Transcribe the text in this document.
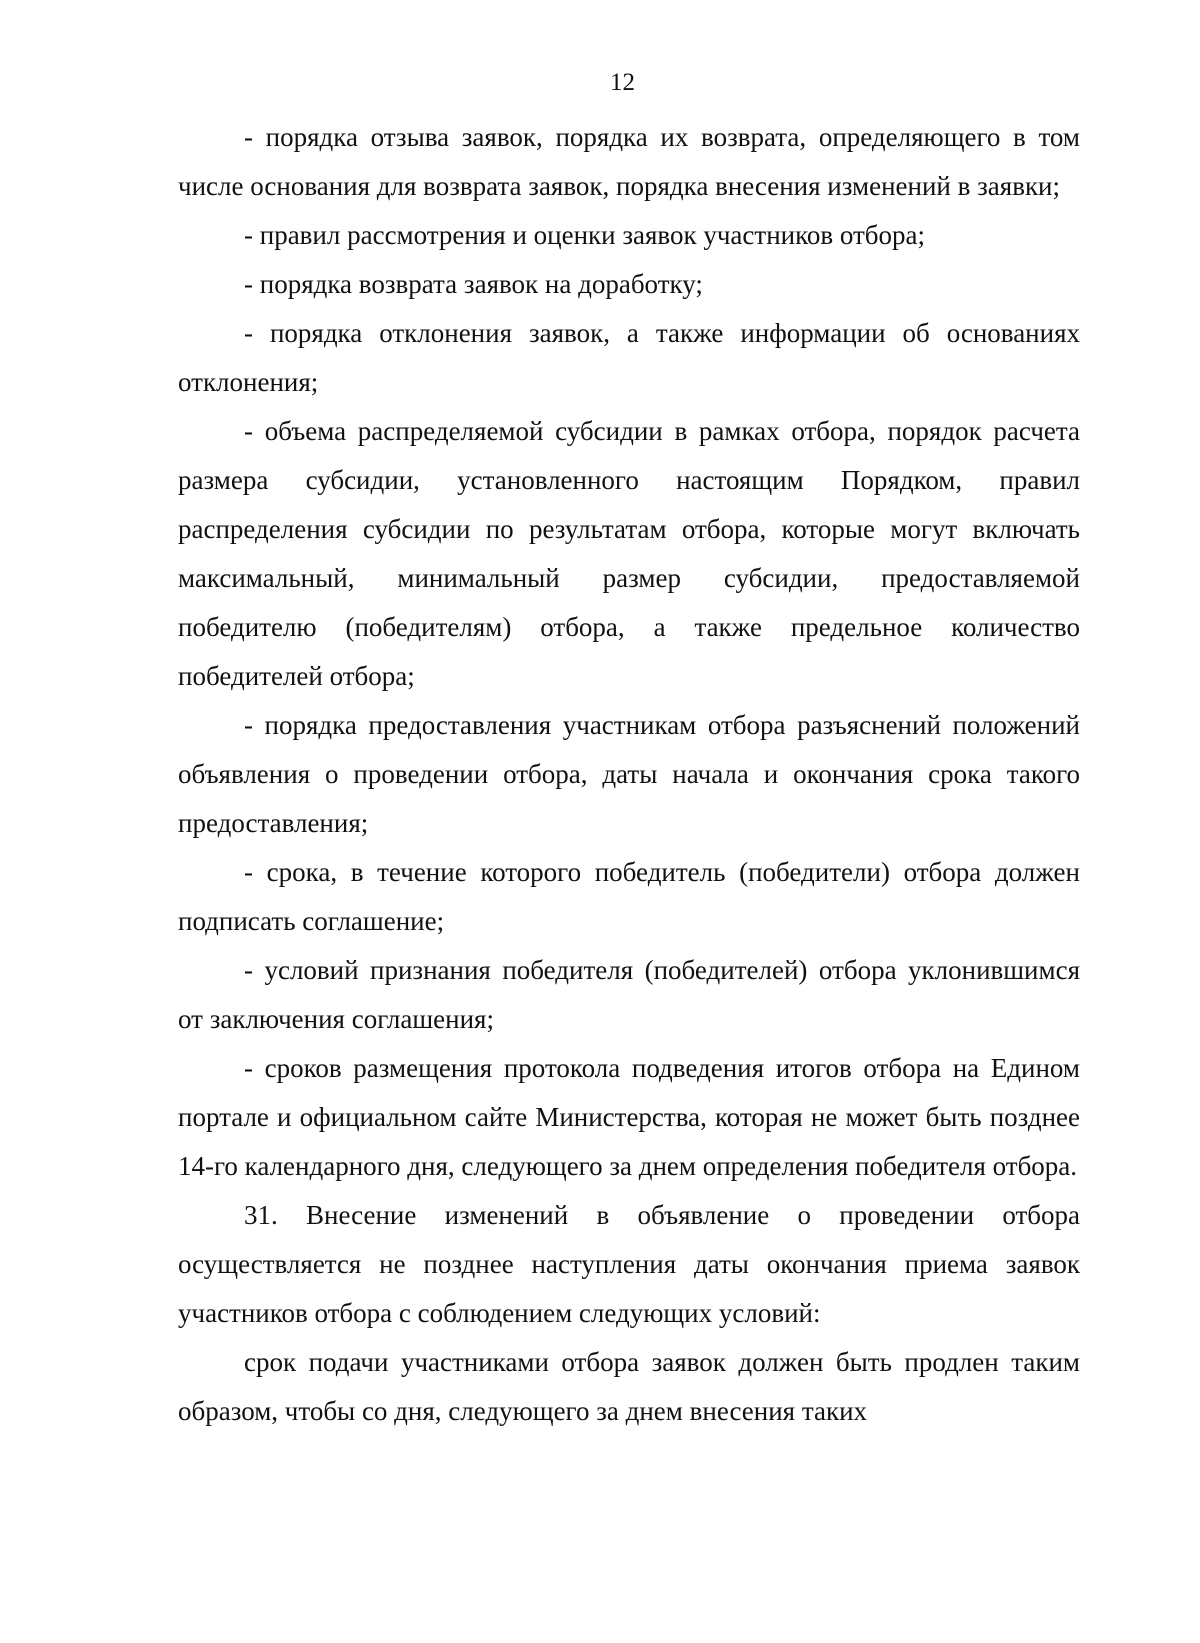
12

- порядка отзыва заявок, порядка их возврата, определяющего в том числе основания для возврата заявок, порядка внесения изменений в заявки;

- правил рассмотрения и оценки заявок участников отбора;

- порядка возврата заявок на доработку;

- порядка отклонения заявок, а также информации об основаниях отклонения;

- объема распределяемой субсидии в рамках отбора, порядок расчета размера субсидии, установленного настоящим Порядком, правил распределения субсидии по результатам отбора, которые могут включать максимальный, минимальный размер субсидии, предоставляемой победителю (победителям) отбора, а также предельное количество победителей отбора;

- порядка предоставления участникам отбора разъяснений положений объявления о проведении отбора, даты начала и окончания срока такого предоставления;

- срока, в течение которого победитель (победители) отбора должен подписать соглашение;

- условий признания победителя (победителей) отбора уклонившимся от заключения соглашения;

- сроков размещения протокола подведения итогов отбора на Едином портале и официальном сайте Министерства, которая не может быть позднее 14-го календарного дня, следующего за днем определения победителя отбора.

31. Внесение изменений в объявление о проведении отбора осуществляется не позднее наступления даты окончания приема заявок участников отбора с соблюдением следующих условий:

срок подачи участниками отбора заявок должен быть продлен таким образом, чтобы со дня, следующего за днем внесения таких
